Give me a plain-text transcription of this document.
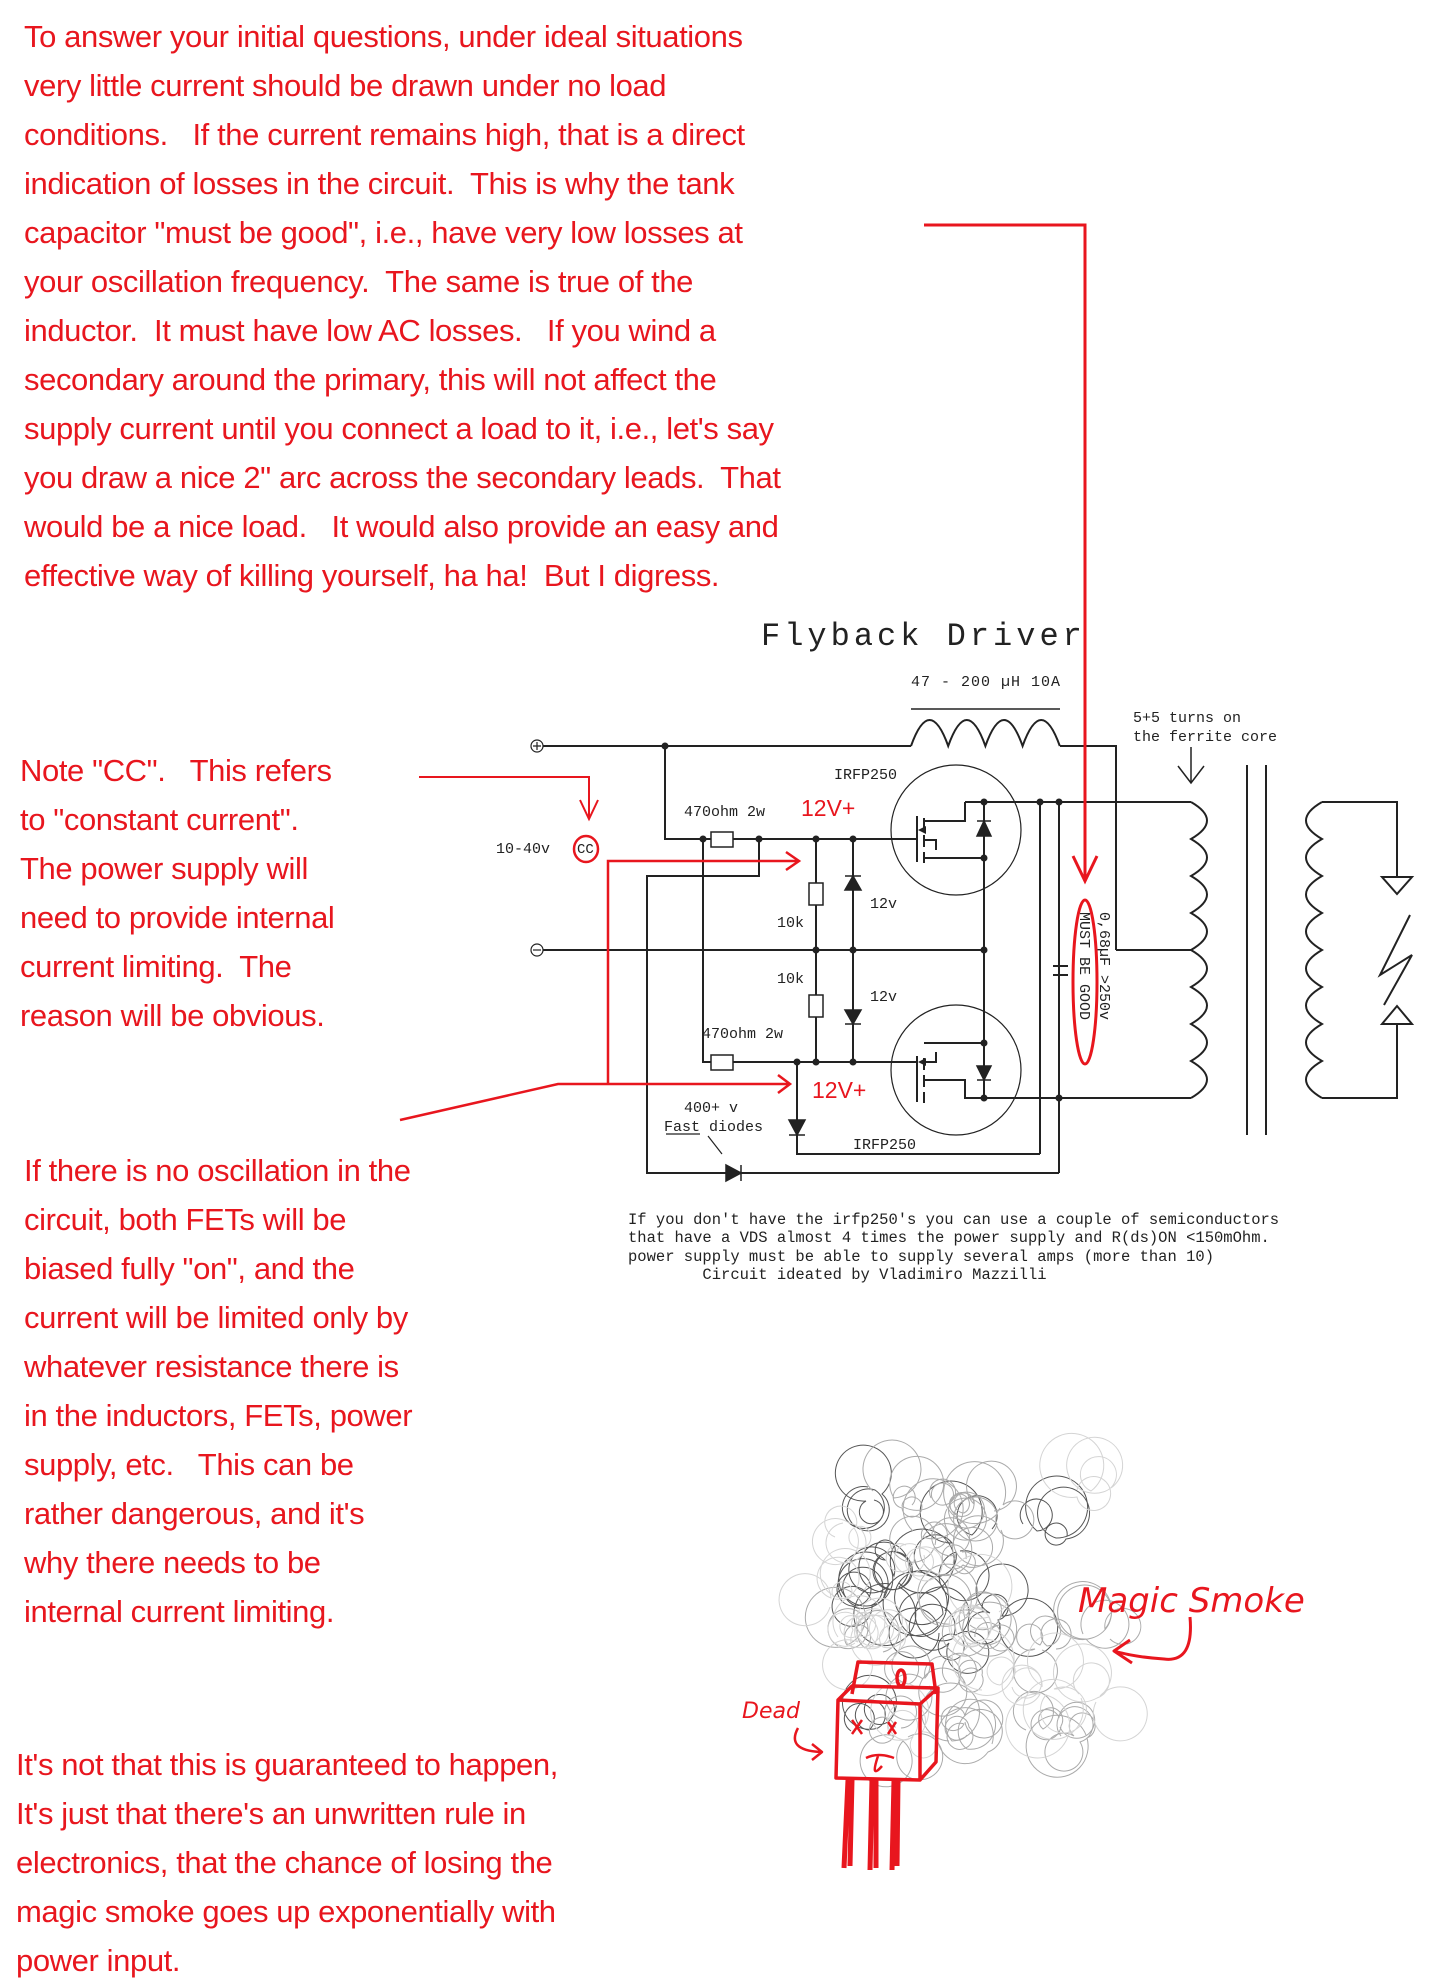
To answer your initial questions, under ideal situations
very little current should be drawn under no load
conditions.   If the current remains high, that is a direct
indication of losses in the circuit.  This is why the tank
capacitor "must be good", i.e., have very low losses at
your oscillation frequency.  The same is true of the
inductor.  It must have low AC losses.   If you wind a
secondary around the primary, this will not affect the
supply current until you connect a load to it, i.e., let's say
you draw a nice 2" arc across the secondary leads.  That
would be a nice load.   It would also provide an easy and
effective way of killing yourself, ha ha!  But I digress.
Note "CC".   This refers
to "constant current".
The power supply will
need to provide internal
current limiting.  The
reason will be obvious.
If there is no oscillation in the
circuit, both FETs will be
biased fully "on", and the
current will be limited only by
whatever resistance there is
in the inductors, FETs, power
supply, etc.   This can be
rather dangerous, and it's
why there needs to be
internal current limiting.
It's not that this is guaranteed to happen,
It's just that there's an unwritten rule in
electronics, that the chance of losing the
magic smoke goes up exponentially with
power input.
Flyback Driver
47 - 200 µH 10A
5+5 turns on
the ferrite core
10-40v CC
470ohm 2w
470ohm 2w
IRFP250
IRFP250
10k
10k
12v
12v
400+ v
Fast diodes
0,68µF >250v
MUST BE GOOD
If you don't have the irfp250's you can use a couple of semiconductors
that have a VDS almost 4 times the power supply and R(ds)ON <150mOhm.
power supply must be able to supply several amps (more than 10)
Circuit ideated by Vladimiro Mazzilli
12V+
12V+
Magic Smoke
Dead
